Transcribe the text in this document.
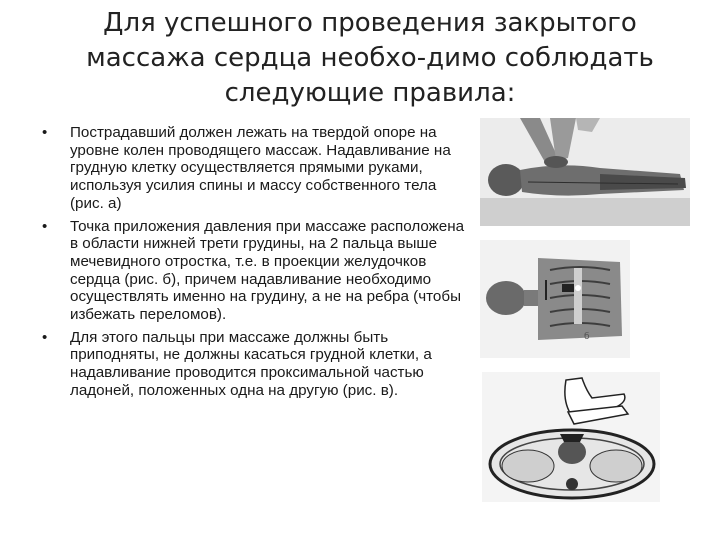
Для успешного проведения закрытого массажа сердца необхо-димо соблюдать следующие правила:
• Пострадавший должен лежать на твердой опоре на уровне колен проводящего массаж. Надавливание на грудную клетку осуществляется прямыми руками, используя усилия спины и массу собственного тела (рис. а)
• Точка приложения давления при массаже расположена в области нижней трети грудины, на 2 пальца выше мечевидного отростка, т.е. в проекции желудочков сердца (рис. б), причем надавливание необходимо осуществлять именно на грудину, а не на ребра (чтобы избежать переломов).
• Для этого пальцы при массаже должны быть приподняты, не должны касаться грудной клетки, а надавливание проводится проксимальной частью ладоней, положенных одна на другую (рис. в).
б
